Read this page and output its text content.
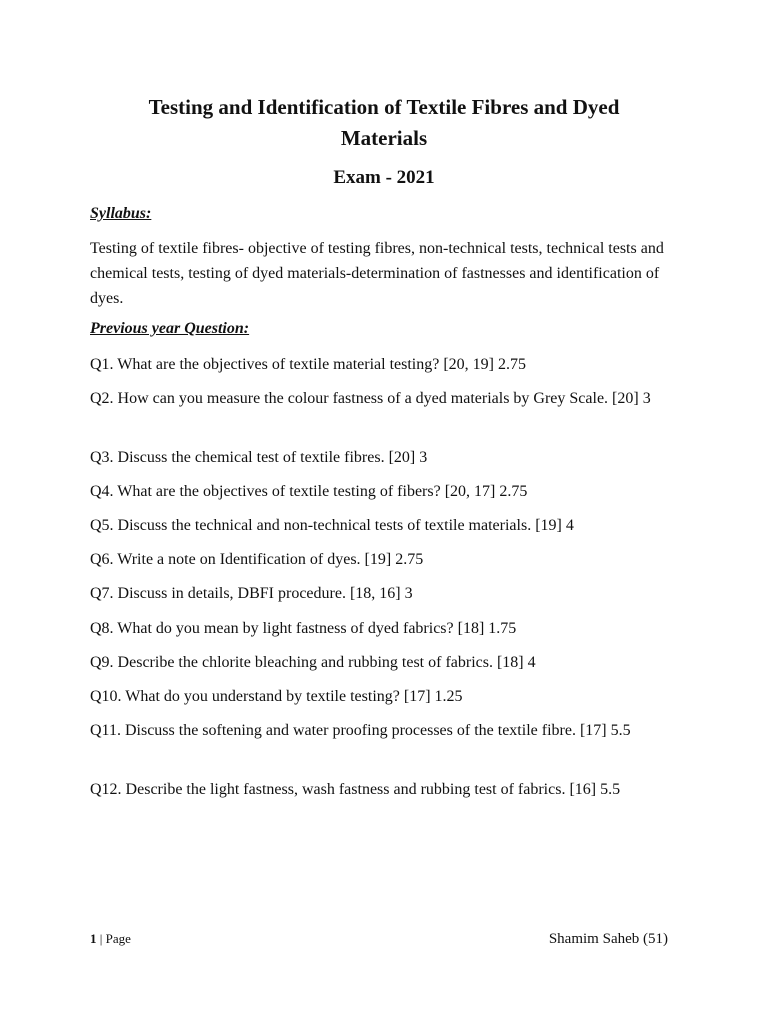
Testing and Identification of Textile Fibres and Dyed Materials
Exam - 2021

Syllabus:

Testing of textile fibres- objective of testing fibres, non-technical tests, technical tests and chemical tests, testing of dyed materials-determination of fastnesses and identification of dyes.

Previous year Question:

Q1. What are the objectives of textile material testing? [20, 19] 2.75

Q2. How can you measure the colour fastness of a dyed materials by Grey Scale. [20] 3

Q3. Discuss the chemical test of textile fibres. [20] 3

Q4. What are the objectives of textile testing of fibers? [20, 17] 2.75

Q5. Discuss the technical and non-technical tests of textile materials. [19] 4

Q6. Write a note on Identification of dyes. [19] 2.75

Q7. Discuss in details, DBFI procedure. [18, 16] 3

Q8. What do you mean by light fastness of dyed fabrics? [18] 1.75

Q9. Describe the chlorite bleaching and rubbing test of fabrics. [18] 4

Q10. What do you understand by textile testing? [17] 1.25

Q11. Discuss the softening and water proofing processes of the textile fibre. [17] 5.5

Q12. Describe the light fastness, wash fastness and rubbing test of fabrics. [16] 5.5

1 | Page	Shamim Saheb (51)
